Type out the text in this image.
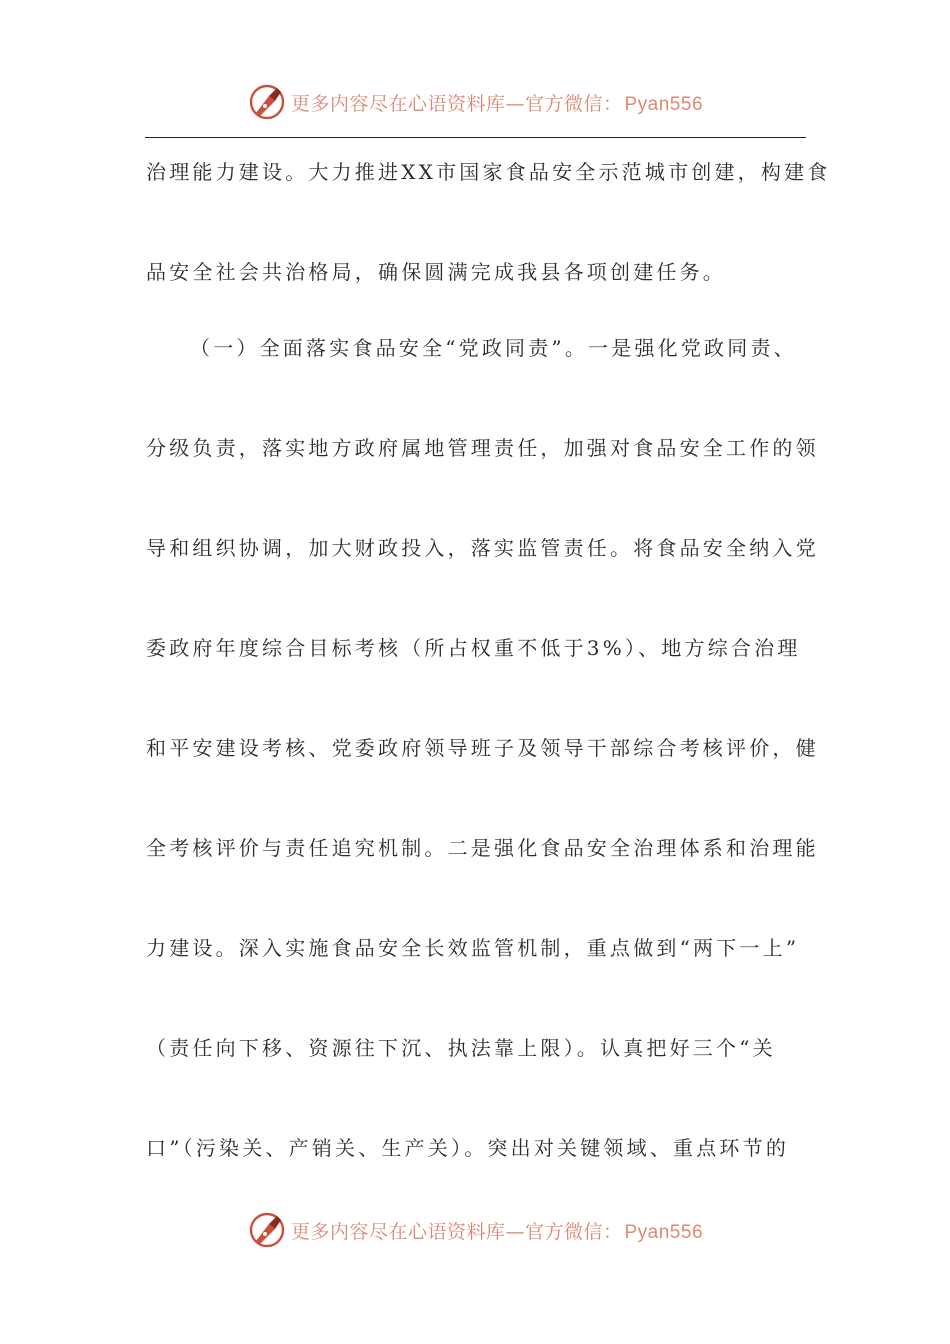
更多内容尽在心语资料库—官方微信： Pyan556
治理能力建设。大力推进XX市国家食品安全示范城市创建，构建食
品安全社会共治格局，确保圆满完成我县各项创建任务。
（一）全面落实食品安全“党政同责”。一是强化党政同责、
分级负责，落实地方政府属地管理责任，加强对食品安全工作的领
导和组织协调，加大财政投入，落实监管责任。将食品安全纳入党
委政府年度综合目标考核（所占权重不低于3%）、地方综合治理
和平安建设考核、党委政府领导班子及领导干部综合考核评价，健
全考核评价与责任追究机制。二是强化食品安全治理体系和治理能
力建设。深入实施食品安全长效监管机制，重点做到“两下一上”
（责任向下移、资源往下沉、执法靠上限）。认真把好三个“关
口”（污染关、产销关、生产关）。突出对关键领域、重点环节的
更多内容尽在心语资料库—官方微信： Pyan556
